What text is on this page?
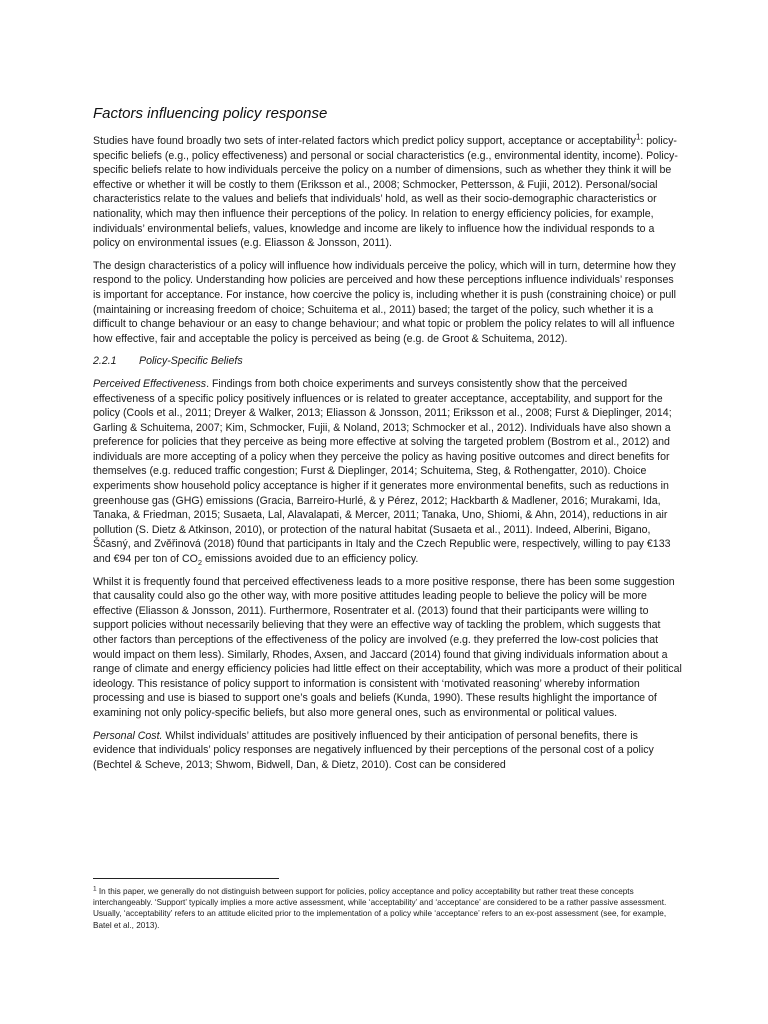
Factors influencing policy response

Studies have found broadly two sets of inter-related factors which predict policy support, acceptance or acceptability$^1$: policy-specific beliefs (e.g., policy effectiveness) and personal or social characteristics (e.g., environmental identity, income). Policy-specific beliefs relate to how individuals perceive the policy on a number of dimensions, such as whether they think it will be effective or whether it will be costly to them (Eriksson et al., 2008; Schmocker, Pettersson, & Fujii, 2012). Personal/social characteristics relate to the values and beliefs that individuals’ hold, as well as their socio-demographic characteristics or nationality, which may then influence their perceptions of the policy. In relation to energy efficiency policies, for example, individuals’ environmental beliefs, values, knowledge and income are likely to influence how the individual responds to a policy on environmental issues (e.g. Eliasson & Jonsson, 2011).

The design characteristics of a policy will influence how individuals perceive the policy, which will in turn, determine how they respond to the policy. Understanding how policies are perceived and how these perceptions influence individuals’ responses is important for acceptance. For instance, how coercive the policy is, including whether it is push (constraining choice) or pull (maintaining or increasing freedom of choice; Schuitema et al., 2011) based; the target of the policy, such whether it is a difficult to change behaviour or an easy to change behaviour; and what topic or problem the policy relates to will all influence how effective, fair and acceptable the policy is perceived as being (e.g. de Groot & Schuitema, 2012).

2.2.1 Policy-Specific Beliefs

Perceived Effectiveness. Findings from both choice experiments and surveys consistently show that the perceived effectiveness of a specific policy positively influences or is related to greater acceptance, acceptability, and support for the policy (Cools et al., 2011; Dreyer & Walker, 2013; Eliasson & Jonsson, 2011; Eriksson et al., 2008; Furst & Dieplinger, 2014; Garling & Schuitema, 2007; Kim, Schmocker, Fujii, & Noland, 2013; Schmocker et al., 2012). Individuals have also shown a preference for policies that they perceive as being more effective at solving the targeted problem (Bostrom et al., 2012) and individuals are more accepting of a policy when they perceive the policy as having positive outcomes and direct benefits for themselves (e.g. reduced traffic congestion; Furst & Dieplinger, 2014; Schuitema, Steg, & Rothengatter, 2010). Choice experiments show household policy acceptance is higher if it generates more environmental benefits, such as reductions in greenhouse gas (GHG) emissions (Gracia, Barreiro-Hurlé, & y Pérez, 2012; Hackbarth & Madlener, 2016; Murakami, Ida, Tanaka, & Friedman, 2015; Susaeta, Lal, Alavalapati, & Mercer, 2011; Tanaka, Uno, Shiomi, & Ahn, 2014), reductions in air pollution (S. Dietz & Atkinson, 2010), or protection of the natural habitat (Susaeta et al., 2011). Indeed, Alberini, Bigano, Ščasný, and Zvěřinová (2018) f0und that participants in Italy and the Czech Republic were, respectively, willing to pay €133 and €94 per ton of $CO_2$ emissions avoided due to an efficiency policy.

Whilst it is frequently found that perceived effectiveness leads to a more positive response, there has been some suggestion that causality could also go the other way, with more positive attitudes leading people to believe the policy will be more effective (Eliasson & Jonsson, 2011). Furthermore, Rosentrater et al. (2013) found that their participants were willing to support policies without necessarily believing that they were an effective way of tackling the problem, which suggests that other factors than perceptions of the effectiveness of the policy are involved (e.g. they preferred the low-cost policies that would impact on them less). Similarly, Rhodes, Axsen, and Jaccard (2014) found that giving individuals information about a range of climate and energy efficiency policies had little effect on their acceptability, which was more a product of their political ideology. This resistance of policy support to information is consistent with ‘motivated reasoning’ whereby information processing and use is biased to support one’s goals and beliefs (Kunda, 1990). These results highlight the importance of examining not only policy-specific beliefs, but also more general ones, such as environmental or political values.

Personal Cost. Whilst individuals’ attitudes are positively influenced by their anticipation of personal benefits, there is evidence that individuals’ policy responses are negatively influenced by their perceptions of the personal cost of a policy (Bechtel & Scheve, 2013; Shwom, Bidwell, Dan, & Dietz, 2010). Cost can be considered

$^1$ In this paper, we generally do not distinguish between support for policies, policy acceptance and policy acceptability but rather treat these concepts interchangeably. ‘Support’ typically implies a more active assessment, while ‘acceptability’ and ‘acceptance’ are considered to be a rather passive assessment. Usually, ‘acceptability’ refers to an attitude elicited prior to the implementation of a policy while ‘acceptance’ refers to an ex-post assessment (see, for example, Batel et al., 2013).
